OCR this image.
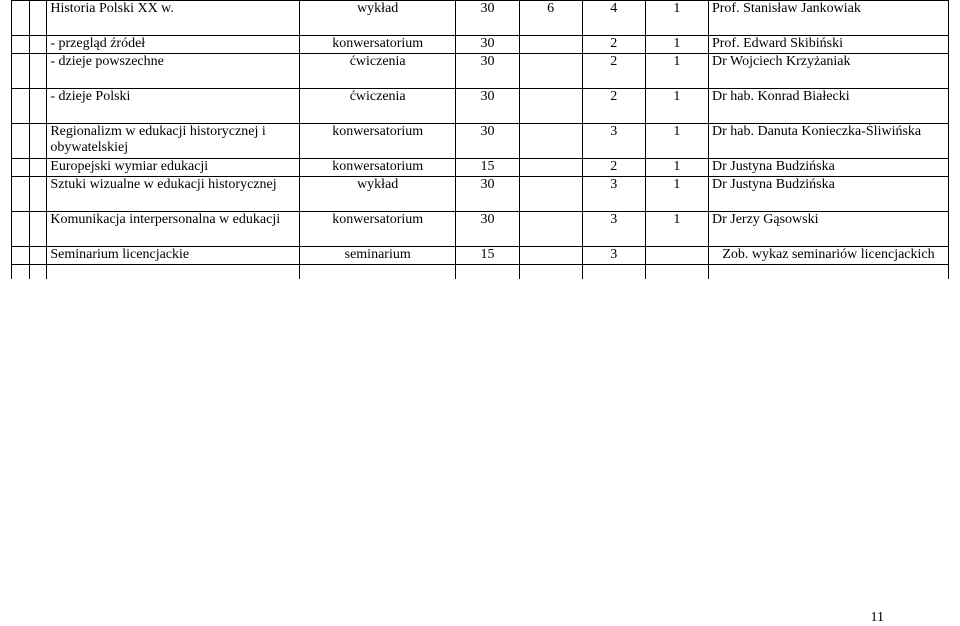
		Historia Polski XX w.	wykład	30	6	4	1	Prof. Stanisław Jankowiak
		- przegląd źródeł	konwersatorium	30		2	1	Prof. Edward Skibiński
		- dzieje powszechne	ćwiczenia	30		2	1	Dr Wojciech Krzyżaniak
		- dzieje Polski	ćwiczenia	30		2	1	Dr hab. Konrad Białecki
		Regionalizm w edukacji historycznej i obywatelskiej	konwersatorium	30		3	1	Dr hab. Danuta Konieczka-Śliwińska
		Europejski wymiar edukacji	konwersatorium	15		2	1	Dr Justyna Budzińska
		Sztuki wizualne w edukacji historycznej	wykład	30		3	1	Dr Justyna Budzińska
		Komunikacja interpersonalna w edukacji	konwersatorium	30		3	1	Dr Jerzy Gąsowski
		Seminarium licencjackie	seminarium	15		3		Zob. wykaz seminariów licencjackich

11
